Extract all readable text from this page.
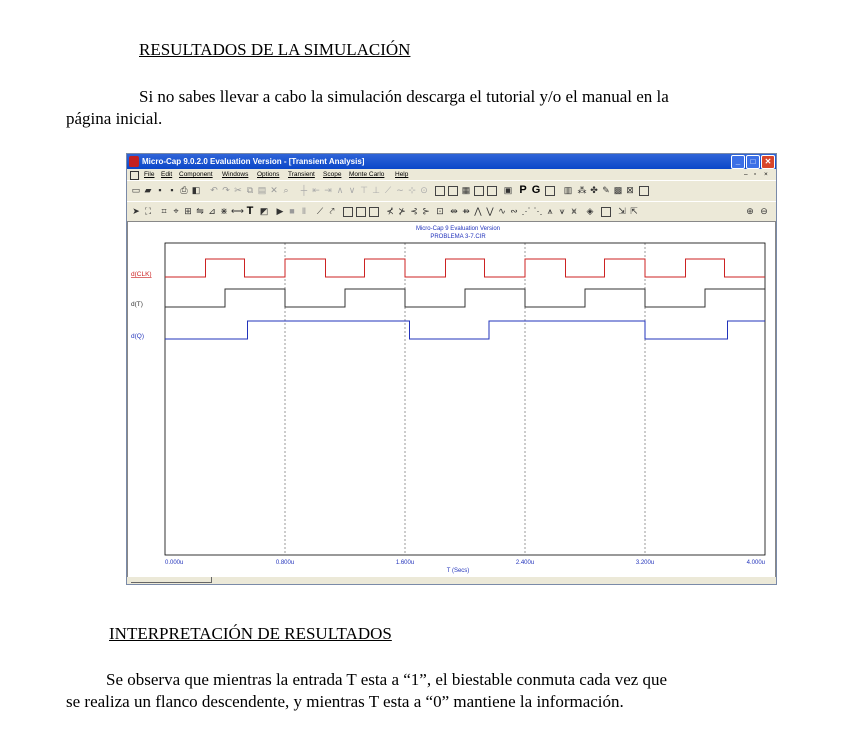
RESULTADOS DE LA SIMULACIÓN
Si no sabes llevar a cabo la simulación descarga el tutorial y/o el manual en la
página inicial.
Micro-Cap 9.0.2.0 Evaluation Version - [Transient Analysis]	_	□	✕
File Edit Component Windows Options Transient Scope Monte Carlo Help	– ▫ ×
▭ ▰ ▪ ▪ ⎙ ◧ ↶ ↷ ✂ ⧉ ▤ ✕ ⌕ ┼ ⇤ ⇥ ∧ ∨ ⊤ ⊥ ⟋ ∼ ⊹ ⊙	▦	▣ P G	▥ ⁂ ✤ ✎ ▩ ⊠
➤ ⛶ ⌗ ⌖ ⊞ ⇋ ⊿ ⋇ ⟷ T ◩ ▶ ■ Ⅱ	⟋ ⤤	⊀ ⊁ ⊰ ⊱ ⊡ ⇹ ⇻ ⋀ ⋁ ∿ ∾ ⋰ ⋱ ⩚ ⩛ ⩙ ◈	⇲ ⇱	⊕ ⊖
Micro-Cap 9 Evaluation Version
PROBLEMA 3-7.CIR
d(CLK)
d(T)
d(Q)
0.000u	0.800u	1.600u	2.400u	3.200u	4.000u
T (Secs)
INTERPRETACIÓN DE RESULTADOS
Se observa que mientras la entrada T esta a “1”, el biestable conmuta cada vez que
se realiza un flanco descendente, y mientras T esta a “0” mantiene la información.
